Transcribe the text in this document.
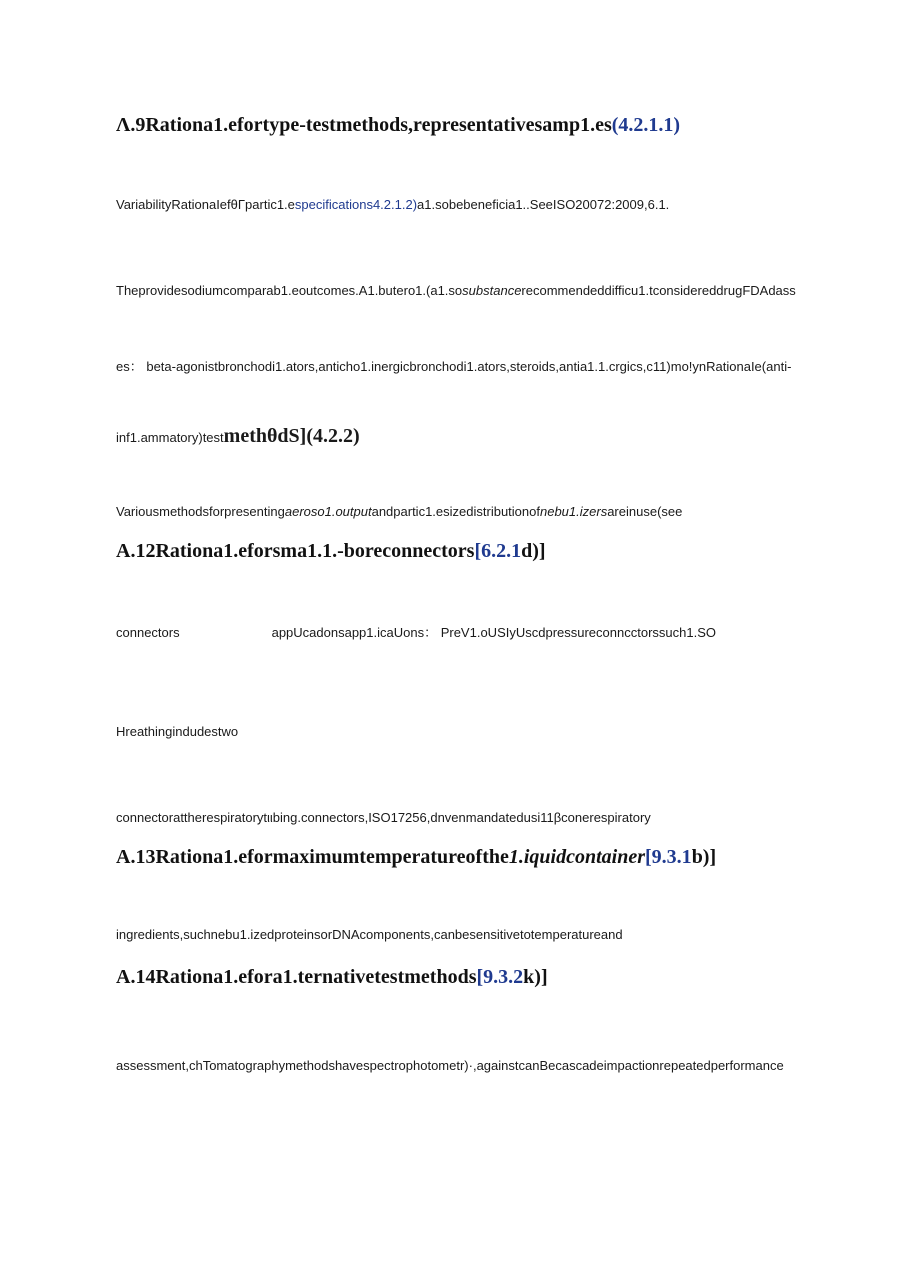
Λ.9Rationa1.efortype-testmethods,representativesamp1.es(4.2.1.1)
VariabilityRationaIefθΓpartic1.especifications4.2.1.2)a1.sobebeneficia1..SeeISO20072:2009,6.1.
Theprovidesodiumcomparab1.eoutcomes.A1.butero1.(a1.sosubstancerecommendeddifficu1.tconsidereddrugFDAdass
es： beta-agonistbronchodi1.ators,anticho1.inergicbronchodi1.ators,steroids,antia1.1.crgics,c11)mo!ynRationaIe(anti-
inf1.ammatory)testmethθdS](4.2.2)
Variousmethodsforpresentingaeroso1.outputandpartic1.esizedistributionofnebu1.izersareinuse(see
A.12Rationa1.eforsma1.1.-boreconnectors[6.2.1d)]
connectors	appUcadonsapp1.icaUons： PreV1.oUSIyUscdpressureconncctorssuch1.SO
Hreathingindudestwo
connectorattherespiratorytιιbing.connectors,ISO17256,dnvenmandatedusi11βconerespiratory
A.13Rationa1.eformaximumtemperatureofthe1.iquidcontainer[9.3.1b)]
ingredients,suchnebu1.izedproteinsorDNAcomponents,canbesensitivetotemperatureand
A.14Rationa1.efora1.ternativetestmethods[9.3.2k)]
assessment,chTomatographymethodshavespectrophotometr)·,againstcanBecascadeimpactionrepeatedperformance
